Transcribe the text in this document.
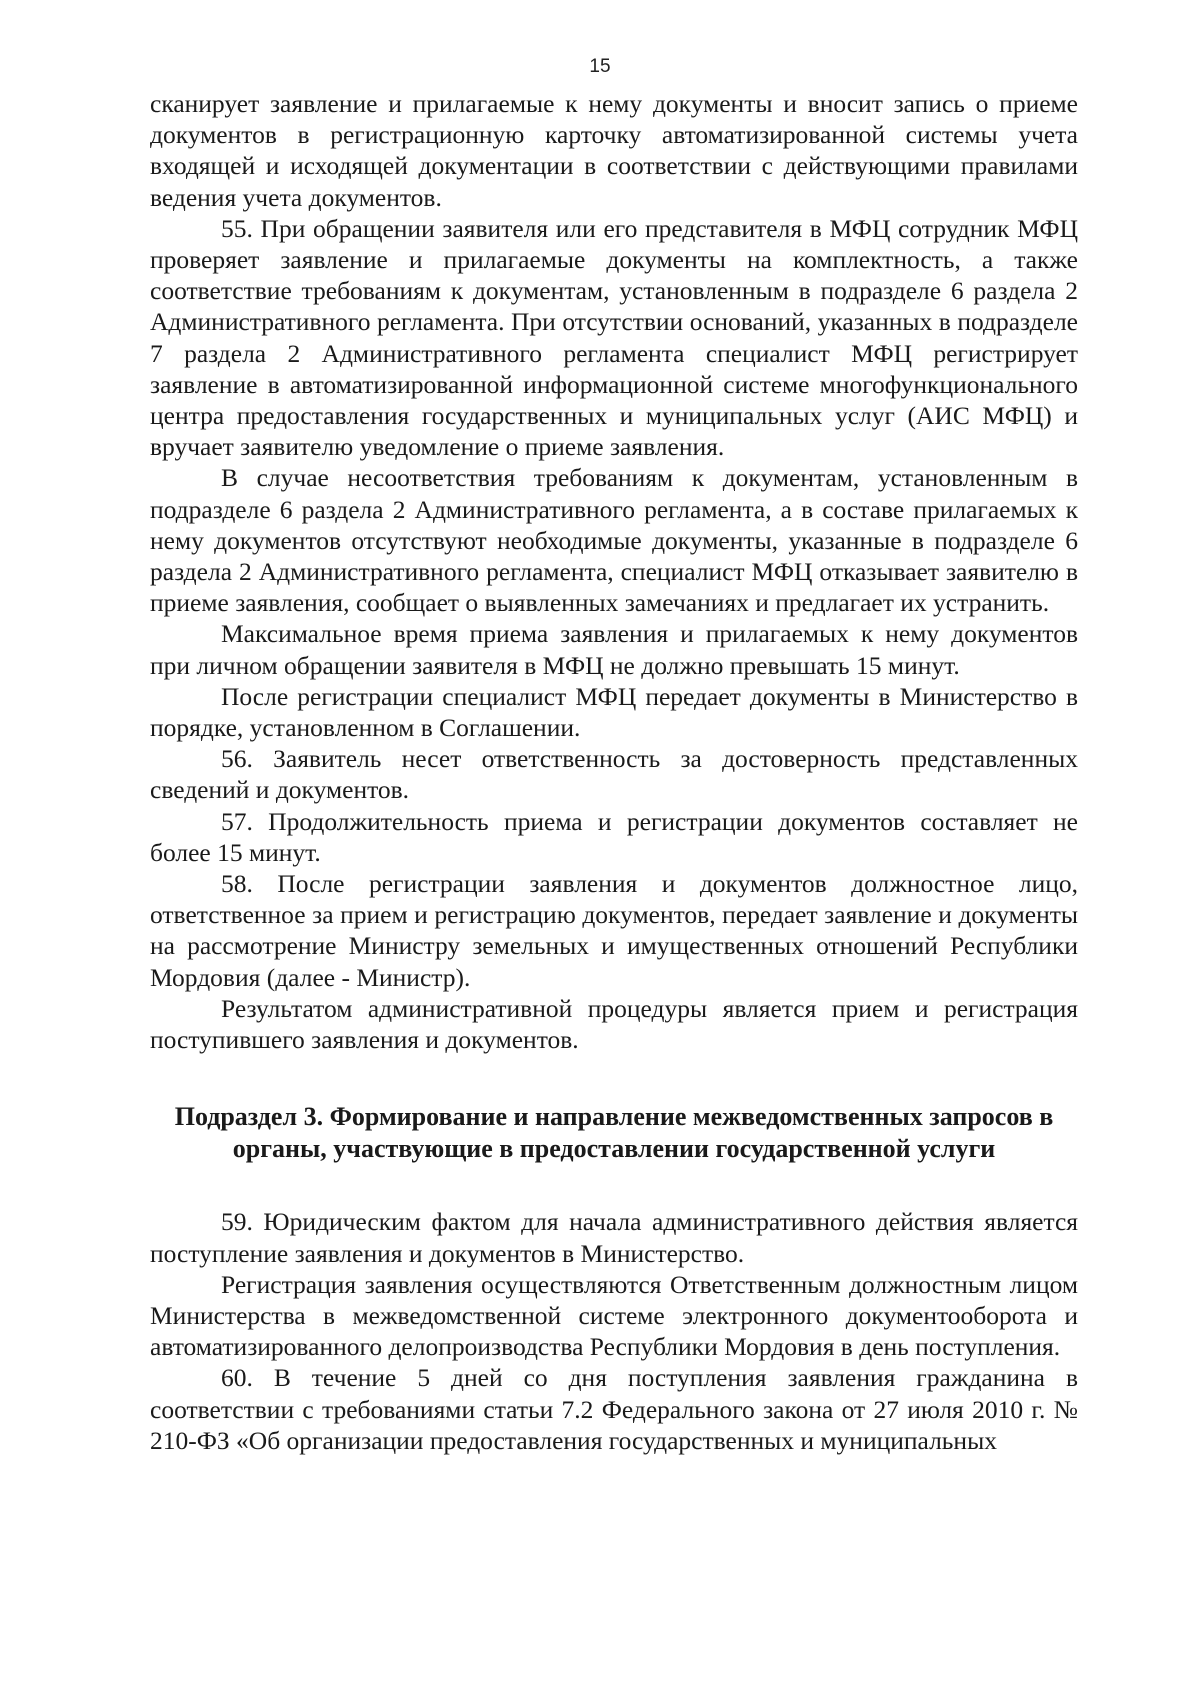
15

сканирует заявление и прилагаемые к нему документы и вносит запись о приеме документов в регистрационную карточку автоматизированной системы учета входящей и исходящей документации в соответствии с действующими правилами ведения учета документов.

55. При обращении заявителя или его представителя в МФЦ сотрудник МФЦ проверяет заявление и прилагаемые документы на комплектность, а также соответствие требованиям к документам, установленным в подразделе 6 раздела 2 Административного регламента. При отсутствии оснований, указанных в подразделе 7 раздела 2 Административного регламента специалист МФЦ регистрирует заявление в автоматизированной информационной системе многофункционального центра предоставления государственных и муниципальных услуг (АИС МФЦ) и вручает заявителю уведомление о приеме заявления.

В случае несоответствия требованиям к документам, установленным в подразделе 6 раздела 2 Административного регламента, а в составе прилагаемых к нему документов отсутствуют необходимые документы, указанные в подразделе 6 раздела 2 Административного регламента, специалист МФЦ отказывает заявителю в приеме заявления, сообщает о выявленных замечаниях и предлагает их устранить.

Максимальное время приема заявления и прилагаемых к нему документов при личном обращении заявителя в МФЦ не должно превышать 15 минут.

После регистрации специалист МФЦ передает документы в Министерство в порядке, установленном в Соглашении.

56. Заявитель несет ответственность за достоверность представленных сведений и документов.

57. Продолжительность приема и регистрации документов составляет не более 15 минут.

58. После регистрации заявления и документов должностное лицо, ответственное за прием и регистрацию документов, передает заявление и документы на рассмотрение Министру земельных и имущественных отношений Республики Мордовия (далее - Министр).

Результатом административной процедуры является прием и регистрация поступившего заявления и документов.

Подраздел 3. Формирование и направление межведомственных запросов в органы, участвующие в предоставлении государственной услуги

59. Юридическим фактом для начала административного действия является поступление заявления и документов в Министерство.

Регистрация заявления осуществляются Ответственным должностным лицом Министерства в межведомственной системе электронного документооборота и автоматизированного делопроизводства Республики Мордовия в день поступления.

60. В течение 5 дней со дня поступления заявления гражданина в соответствии с требованиями статьи 7.2 Федерального закона от 27 июля 2010 г. № 210-ФЗ «Об организации предоставления государственных и муниципальных
